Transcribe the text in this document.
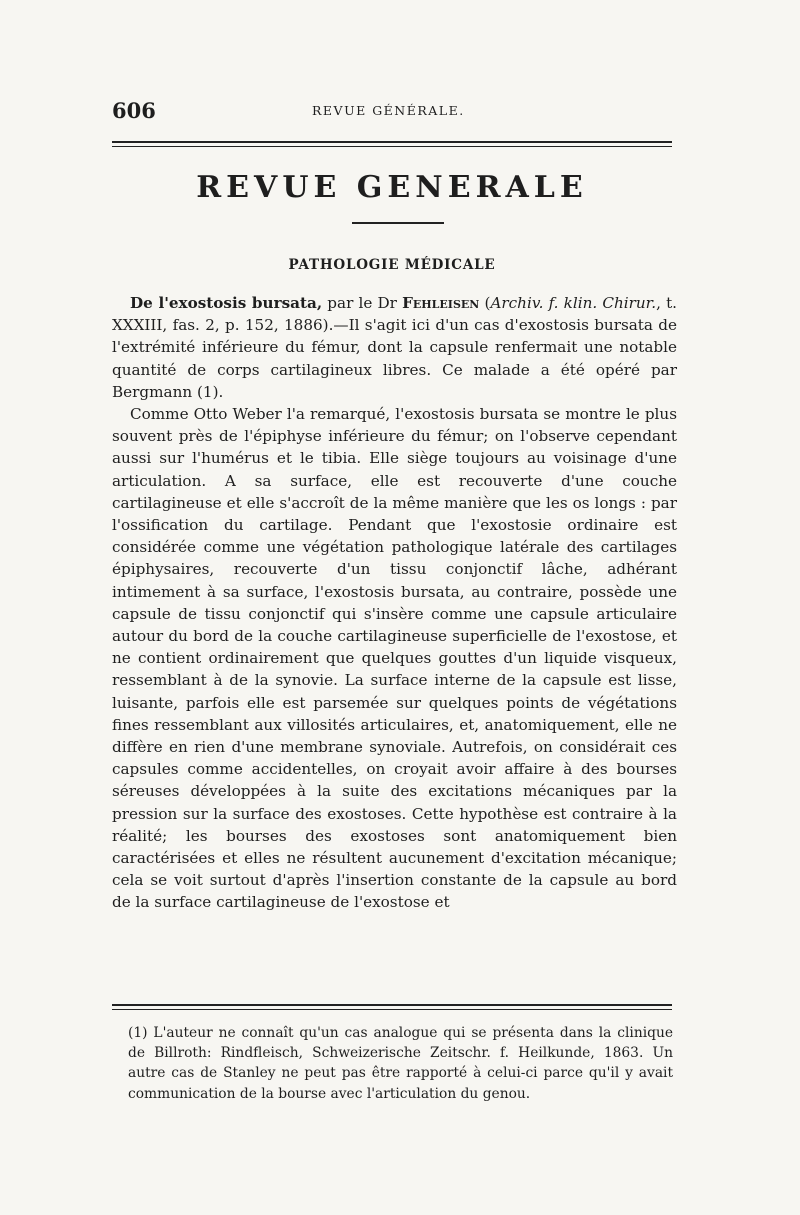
606	REVUE GÉNÉRALE.
REVUE GENERALE
PATHOLOGIE MÉDICALE

De l'exostosis bursata, par le Dr Fehleisen (Archiv. f. klin. Chirur., t. XXXIII, fas. 2, p. 152, 1886).—Il s'agit ici d'un cas d'exostosis bursata de l'extrémité inférieure du fémur, dont la capsule renfermait une notable quantité de corps cartilagineux libres. Ce malade a été opéré par Bergmann (1).

Comme Otto Weber l'a remarqué, l'exostosis bursata se montre le plus souvent près de l'épiphyse inférieure du fémur; on l'observe cependant aussi sur l'humérus et le tibia. Elle siège toujours au voisinage d'une articulation. A sa surface, elle est recouverte d'une couche cartilagineuse et elle s'accroît de la même manière que les os longs : par l'ossification du cartilage. Pendant que l'exostosie ordinaire est considérée comme une végétation pathologique latérale des cartilages épiphysaires, recouverte d'un tissu conjonctif lâche, adhérant intimement à sa surface, l'exostosis bursata, au contraire, possède une capsule de tissu conjonctif qui s'insère comme une capsule articulaire autour du bord de la couche cartilagineuse superficielle de l'exostose, et ne contient ordinairement que quelques gouttes d'un liquide visqueux, ressemblant à de la synovie. La surface interne de la capsule est lisse, luisante, parfois elle est parsemée sur quelques points de végétations fines ressemblant aux villosités articulaires, et, anatomiquement, elle ne diffère en rien d'une membrane synoviale. Autrefois, on considérait ces capsules comme accidentelles, on croyait avoir affaire à des bourses séreuses développées à la suite des excitations mécaniques par la pression sur la surface des exostoses. Cette hypothèse est contraire à la réalité; les bourses des exostoses sont anatomiquement bien caractérisées et elles ne résultent aucunement d'excitation mécanique; cela se voit surtout d'après l'insertion constante de la capsule au bord de la surface cartilagineuse de l'exostose et

(1) L'auteur ne connaît qu'un cas analogue qui se présenta dans la clinique de Billroth: Rindfleisch, Schweizerische Zeitschr. f. Heilkunde, 1863. Un autre cas de Stanley ne peut pas être rapporté à celui-ci parce qu'il y avait communication de la bourse avec l'articulation du genou.
